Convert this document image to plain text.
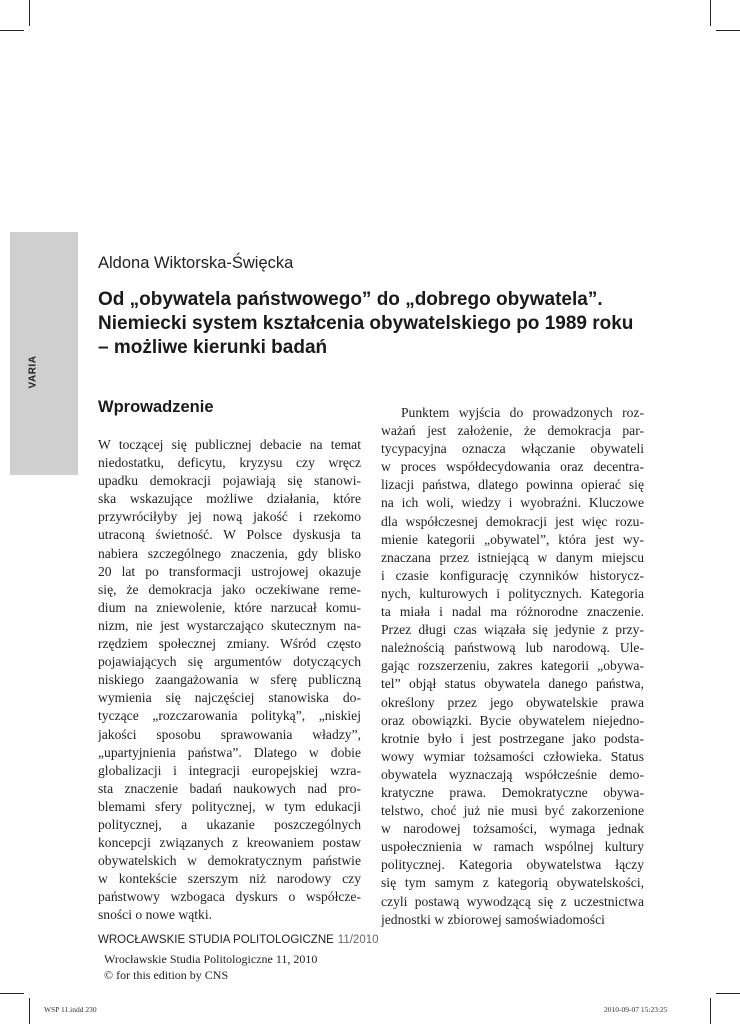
VARIA
Aldona Wiktorska-Święcka
Od „obywatela państwowego” do „dobrego obywatela”.
Niemiecki system kształcenia obywatelskiego po 1989 roku
– możliwe kierunki badań
Wprowadzenie
W toczącej się publicznej debacie na temat
niedostatku, deficytu, kryzysu czy wręcz
upadku demokracji pojawiają się stanowi-
ska wskazujące możliwe działania, które
przywróciłyby jej nową jakość i rzekomo
utraconą świetność. W Polsce dyskusja ta
nabiera szczególnego znaczenia, gdy blisko
20 lat po transformacji ustrojowej okazuje
się, że demokracja jako oczekiwane reme-
dium na zniewolenie, które narzucał komu-
nizm, nie jest wystarczająco skutecznym na-
rzędziem społecznej zmiany. Wśród często
pojawiających się argumentów dotyczących
niskiego zaangażowania w sferę publiczną
wymienia się najczęściej stanowiska do-
tyczące „rozczarowania polityką”, „niskiej
jakości sposobu sprawowania władzy”,
„upartyjnienia państwa”. Dlatego w dobie
globalizacji i integracji europejskiej wzra-
sta znaczenie badań naukowych nad pro-
blemami sfery politycznej, w tym edukacji
politycznej, a ukazanie poszczególnych
koncepcji związanych z kreowaniem postaw
obywatelskich w demokratycznym państwie
w kontekście szerszym niż narodowy czy
państwowy wzbogaca dyskurs o współcze-
sności o nowe wątki.
Punktem wyjścia do prowadzonych roz-
ważań jest założenie, że demokracja par-
tycypacyjna oznacza włączanie obywateli
w proces współdecydowania oraz decentra-
lizacji państwa, dlatego powinna opierać się
na ich woli, wiedzy i wyobraźni. Kluczowe
dla współczesnej demokracji jest więc rozu-
mienie kategorii „obywatel”, która jest wy-
znaczana przez istniejącą w danym miejscu
i czasie konfigurację czynników historycz-
nych, kulturowych i politycznych. Kategoria
ta miała i nadal ma różnorodne znaczenie.
Przez długi czas wiązała się jedynie z przy-
należnością państwową lub narodową. Ule-
gając rozszerzeniu, zakres kategorii „obywa-
tel” objął status obywatela danego państwa,
określony przez jego obywatelskie prawa
oraz obowiązki. Bycie obywatelem niejedno-
krotnie było i jest postrzegane jako podsta-
wowy wymiar tożsamości człowieka. Status
obywatela wyznaczają współcześnie demo-
kratyczne prawa. Demokratyczne obywa-
telstwo, choć już nie musi być zakorzenione
w narodowej tożsamości, wymaga jednak
uspołecznienia w ramach wspólnej kultury
politycznej. Kategoria obywatelstwa łączy
się tym samym z kategorią obywatelskości,
czyli postawą wywodzącą się z uczestnictwa
jednostki w zbiorowej samoświadomości
WROCŁAWSKIE STUDIA POLITOLOGICZNE 11/2010
Wrocławskie Studia Politologiczne 11, 2010
© for this edition by CNS
WSP 11.indd 230	2010-09-07 15:23:25
